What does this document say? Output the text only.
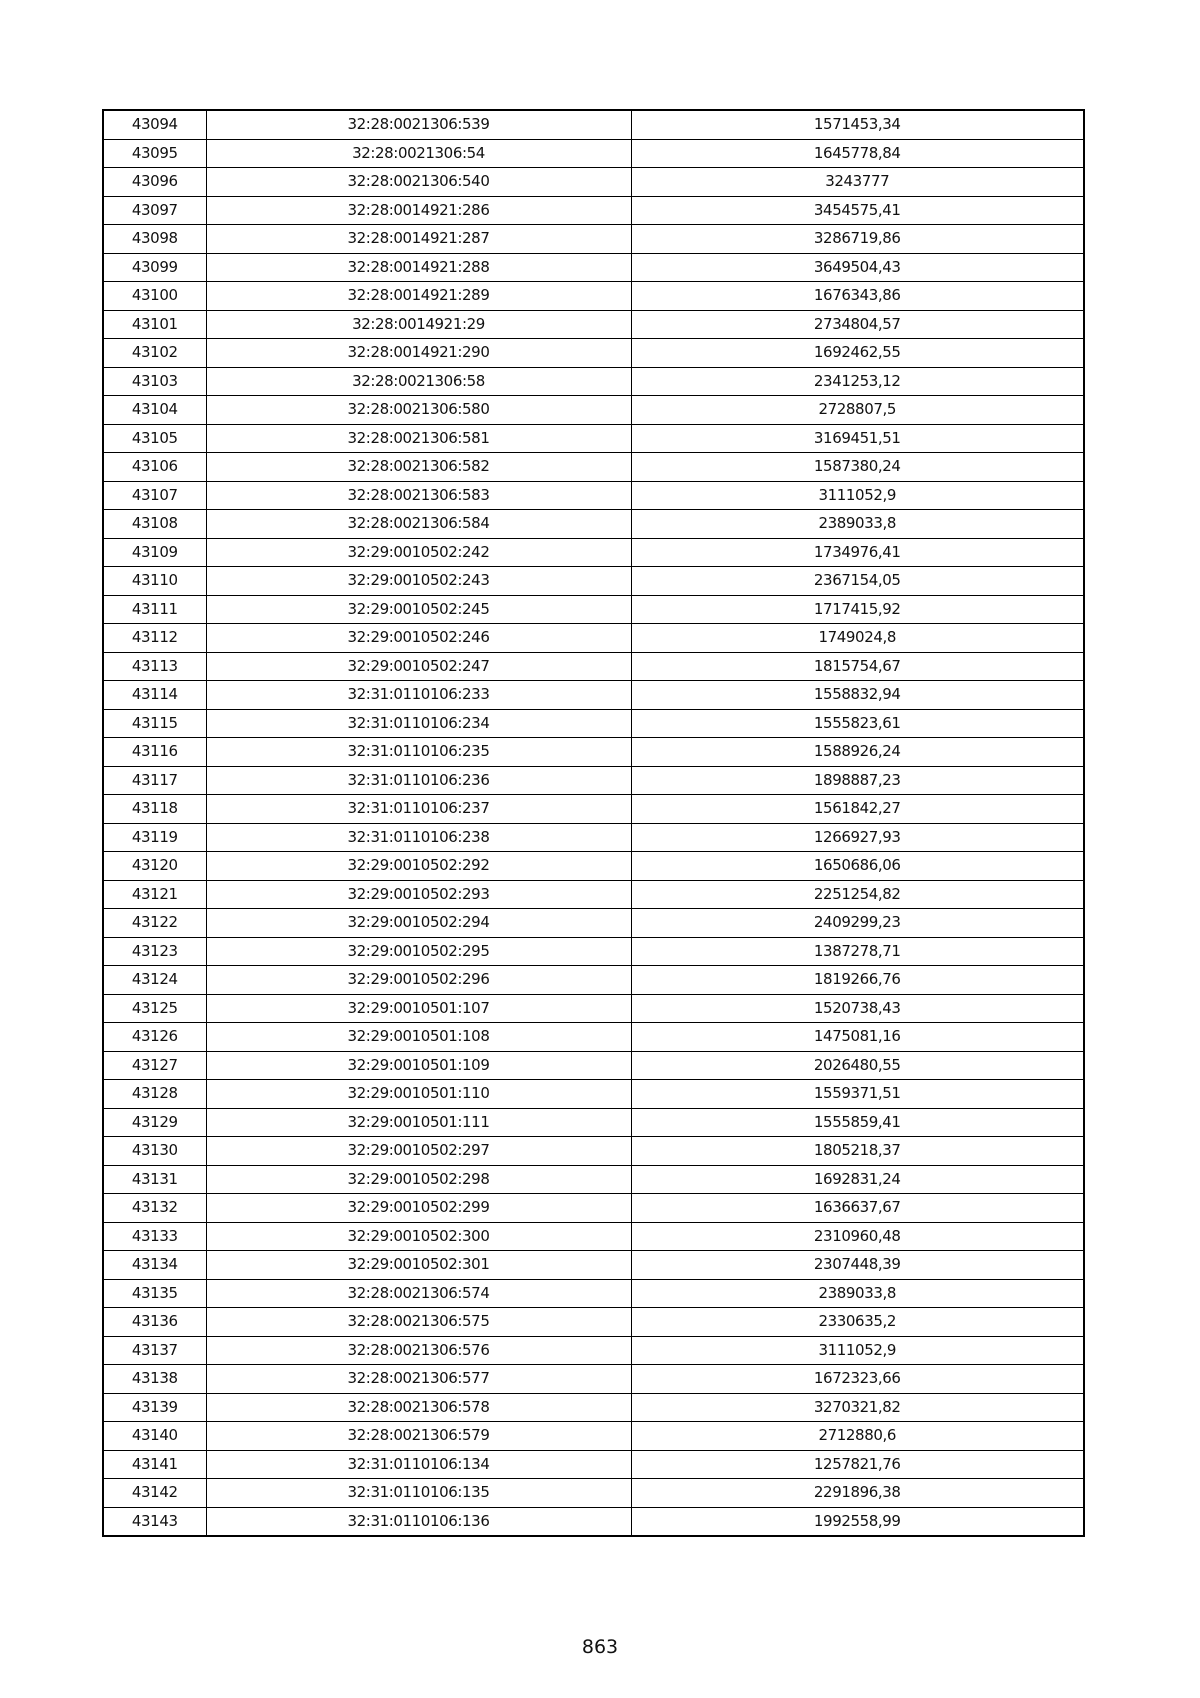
43094	32:28:0021306:539	1571453,34
43095	32:28:0021306:54	1645778,84
43096	32:28:0021306:540	3243777
43097	32:28:0014921:286	3454575,41
43098	32:28:0014921:287	3286719,86
43099	32:28:0014921:288	3649504,43
43100	32:28:0014921:289	1676343,86
43101	32:28:0014921:29	2734804,57
43102	32:28:0014921:290	1692462,55
43103	32:28:0021306:58	2341253,12
43104	32:28:0021306:580	2728807,5
43105	32:28:0021306:581	3169451,51
43106	32:28:0021306:582	1587380,24
43107	32:28:0021306:583	3111052,9
43108	32:28:0021306:584	2389033,8
43109	32:29:0010502:242	1734976,41
43110	32:29:0010502:243	2367154,05
43111	32:29:0010502:245	1717415,92
43112	32:29:0010502:246	1749024,8
43113	32:29:0010502:247	1815754,67
43114	32:31:0110106:233	1558832,94
43115	32:31:0110106:234	1555823,61
43116	32:31:0110106:235	1588926,24
43117	32:31:0110106:236	1898887,23
43118	32:31:0110106:237	1561842,27
43119	32:31:0110106:238	1266927,93
43120	32:29:0010502:292	1650686,06
43121	32:29:0010502:293	2251254,82
43122	32:29:0010502:294	2409299,23
43123	32:29:0010502:295	1387278,71
43124	32:29:0010502:296	1819266,76
43125	32:29:0010501:107	1520738,43
43126	32:29:0010501:108	1475081,16
43127	32:29:0010501:109	2026480,55
43128	32:29:0010501:110	1559371,51
43129	32:29:0010501:111	1555859,41
43130	32:29:0010502:297	1805218,37
43131	32:29:0010502:298	1692831,24
43132	32:29:0010502:299	1636637,67
43133	32:29:0010502:300	2310960,48
43134	32:29:0010502:301	2307448,39
43135	32:28:0021306:574	2389033,8
43136	32:28:0021306:575	2330635,2
43137	32:28:0021306:576	3111052,9
43138	32:28:0021306:577	1672323,66
43139	32:28:0021306:578	3270321,82
43140	32:28:0021306:579	2712880,6
43141	32:31:0110106:134	1257821,76
43142	32:31:0110106:135	2291896,38
43143	32:31:0110106:136	1992558,99
863
